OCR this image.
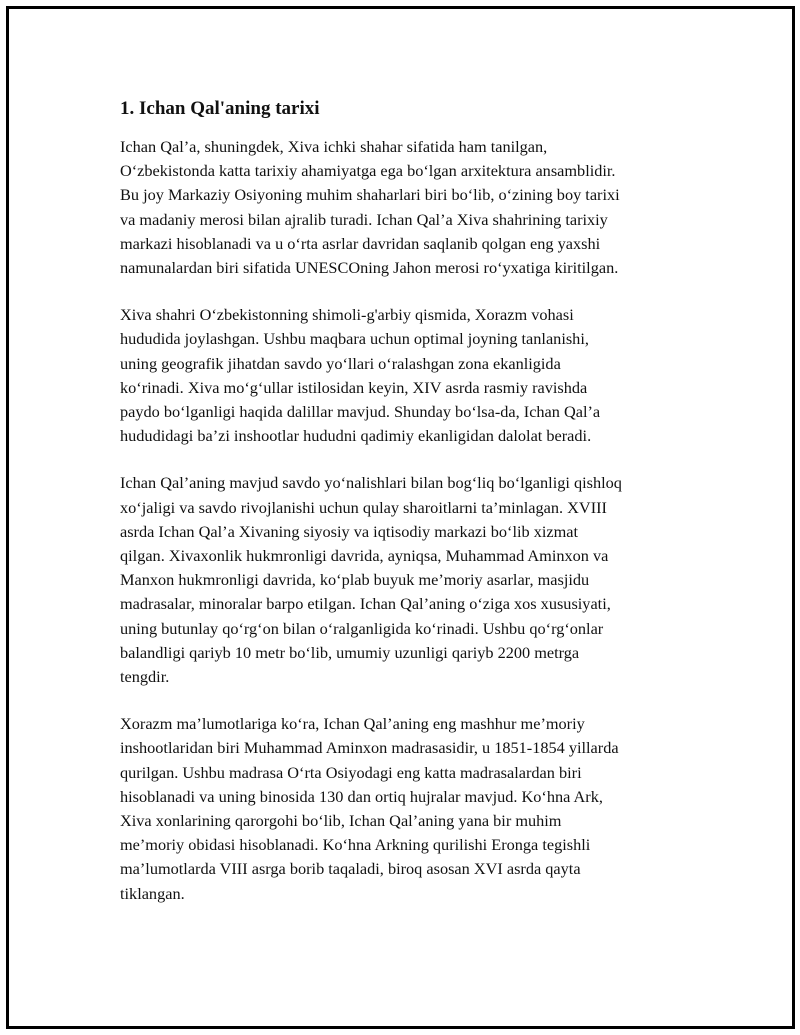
1. Ichan Qal'aning tarixi

Ichan Qal’a, shuningdek, Xiva ichki shahar sifatida ham tanilgan,
O‘zbekistonda katta tarixiy ahamiyatga ega bo‘lgan arxitektura ansamblidir.
Bu joy Markaziy Osiyoning muhim shaharlari biri bo‘lib, o‘zining boy tarixi
va madaniy merosi bilan ajralib turadi. Ichan Qal’a Xiva shahrining tarixiy
markazi hisoblanadi va u o‘rta asrlar davridan saqlanib qolgan eng yaxshi
namunalardan biri sifatida UNESCOning Jahon merosi ro‘yxatiga kiritilgan.

Xiva shahri O‘zbekistonning shimoli-g'arbiy qismida, Xorazm vohasi
hududida joylashgan. Ushbu maqbara uchun optimal joyning tanlanishi,
uning geografik jihatdan savdo yo‘llari o‘ralashgan zona ekanligida
ko‘rinadi. Xiva mo‘g‘ullar istilosidan keyin, XIV asrda rasmiy ravishda
paydo bo‘lganligi haqida dalillar mavjud. Shunday bo‘lsa-da, Ichan Qal’a
hududidagi ba’zi inshootlar hududni qadimiy ekanligidan dalolat beradi.

Ichan Qal’aning mavjud savdo yo‘nalishlari bilan bog‘liq bo‘lganligi qishloq
xo‘jaligi va savdo rivojlanishi uchun qulay sharoitlarni ta’minlagan. XVIII
asrda Ichan Qal’a Xivaning siyosiy va iqtisodiy markazi bo‘lib xizmat
qilgan. Xivaxonlik hukmronligi davrida, ayniqsa, Muhammad Aminxon va
Manxon hukmronligi davrida, ko‘plab buyuk me’moriy asarlar, masjidu
madrasalar, minoralar barpo etilgan. Ichan Qal’aning o‘ziga xos xususiyati,
uning butunlay qo‘rg‘on bilan o‘ralganligida ko‘rinadi. Ushbu qo‘rg‘onlar
balandligi qariyb 10 metr bo‘lib, umumiy uzunligi qariyb 2200 metrga
tengdir.

Xorazm ma’lumotlariga ko‘ra, Ichan Qal’aning eng mashhur me’moriy
inshootlaridan biri Muhammad Aminxon madrasasidir, u 1851-1854 yillarda
qurilgan. Ushbu madrasa O‘rta Osiyodagi eng katta madrasalardan biri
hisoblanadi va uning binosida 130 dan ortiq hujralar mavjud. Ko‘hna Ark,
Xiva xonlarining qarorgohi bo‘lib, Ichan Qal’aning yana bir muhim
me’moriy obidasi hisoblanadi. Ko‘hna Arkning qurilishi Eronga tegishli
ma’lumotlarda VIII asrga borib taqaladi, biroq asosan XVI asrda qayta
tiklangan.
